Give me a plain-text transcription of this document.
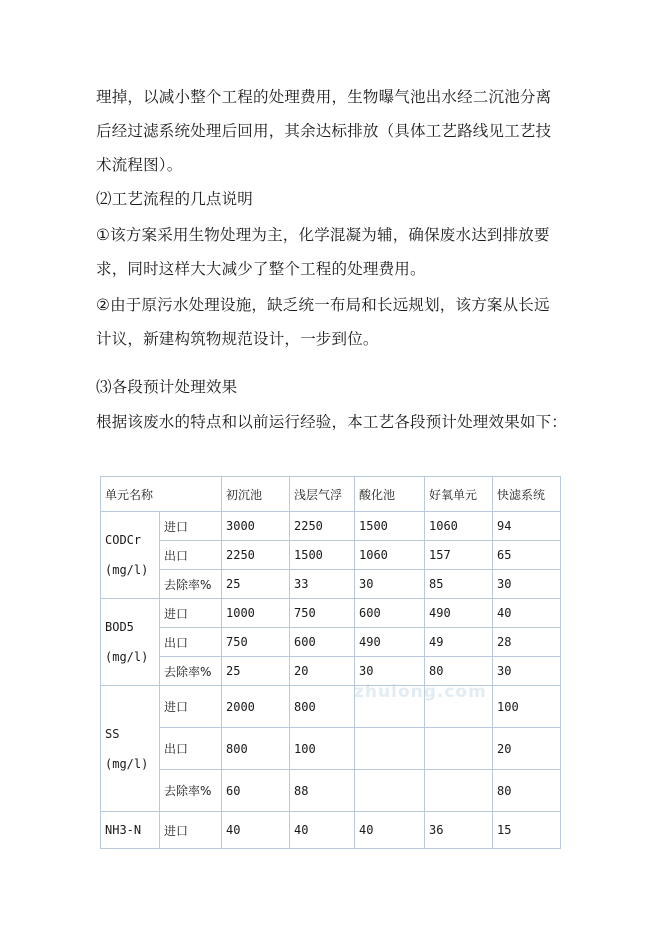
理掉，以减小整个工程的处理费用，生物曝气池出水经二沉池分离
后经过滤系统处理后回用，其余达标排放（具体工艺路线见工艺技
术流程图）。

⑵工艺流程的几点说明

①该方案采用生物处理为主，化学混凝为辅，确保废水达到排放要
求，同时这样大大减少了整个工程的处理费用。

②由于原污水处理设施，缺乏统一布局和长远规划，该方案从长远
计议，新建构筑物规范设计，一步到位。

⑶各段预计处理效果

根据该废水的特点和以前运行经验，本工艺各段预计处理效果如下：

zhulong.com
单元名称		初沉池	浅层气浮	酸化池	好氧单元	快滤系统

CODCr
(mg/l)	进口	3000	2250	1500	1060	94
	出口	2250	1500	1060	157	65
	去除率%	25	33	30	85	30

BOD5
(mg/l)	进口	1000	750	600	490	40
	出口	750	600	490	49	28
	去除率%	25	20	30	80	30

SS
(mg/l)	进口	2000	800			100
	出口	800	100			20
	去除率%	60	88			80

NH3-N	进口	40	40	40	36	15
